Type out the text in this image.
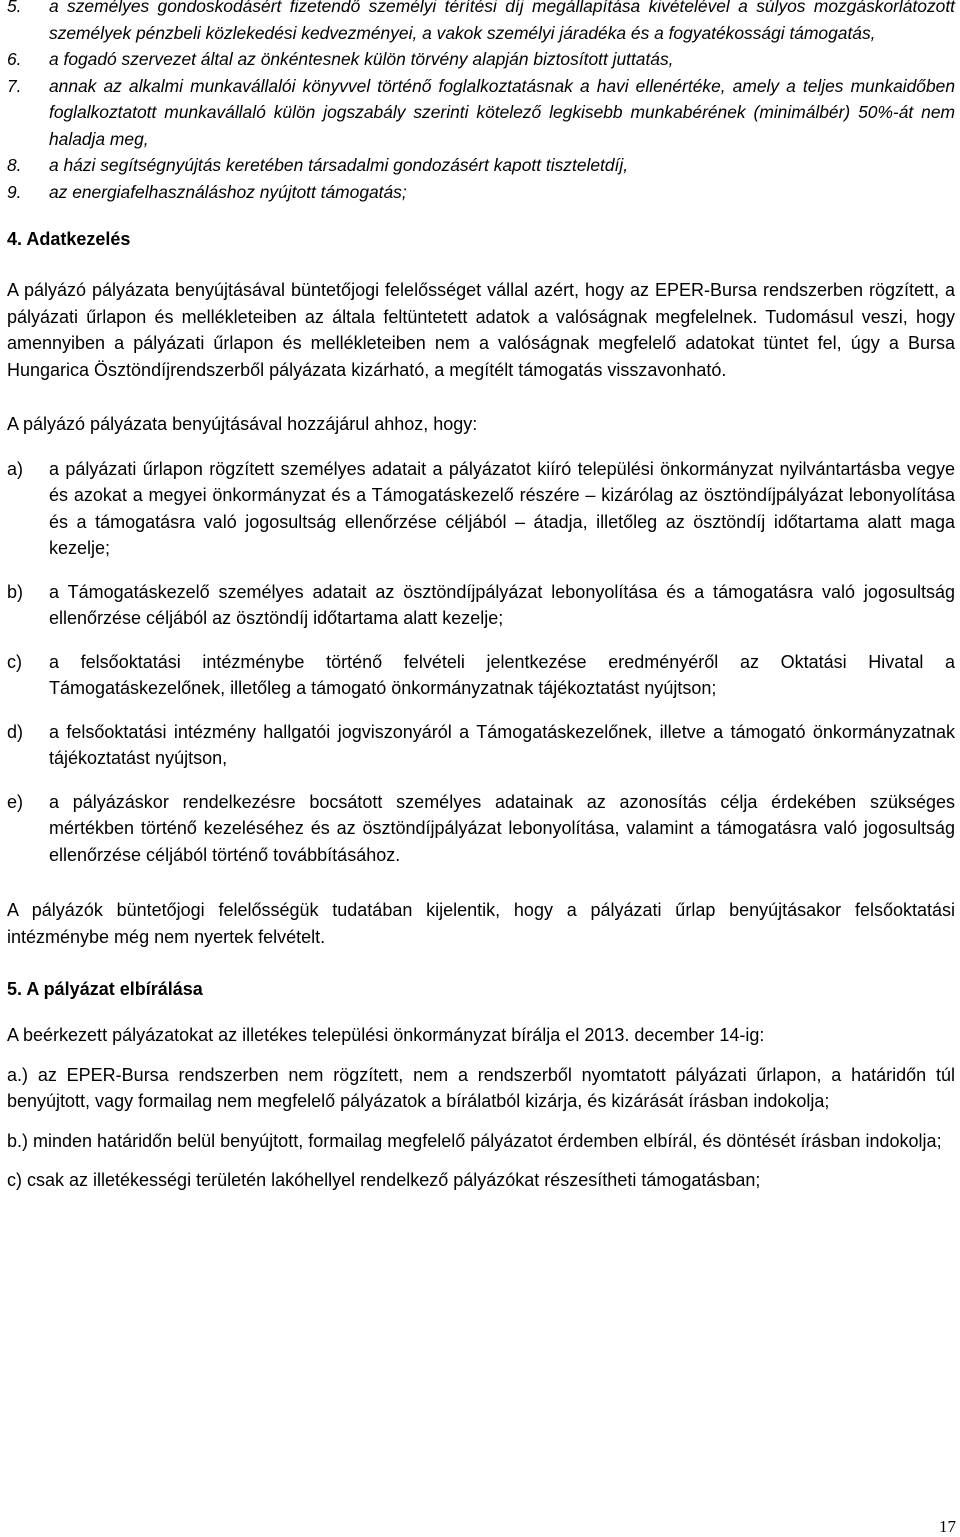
5. a személyes gondoskodásért fizetendő személyi térítési díj megállapítása kivételével a súlyos mozgáskorlátozott személyek pénzbeli közlekedési kedvezményei, a vakok személyi járadéka és a fogyatékossági támogatás,
6. a fogadó szervezet által az önkéntesnek külön törvény alapján biztosított juttatás,
7. annak az alkalmi munkavállalói könyvvel történő foglalkoztatásnak a havi ellenértéke, amely a teljes munkaidőben foglalkoztatott munkavállaló külön jogszabály szerinti kötelező legkisebb munkabérének (minimálbér) 50%-át nem haladja meg,
8. a házi segítségnyújtás keretében társadalmi gondozásért kapott tiszteletdíj,
9. az energiafelhasználáshoz nyújtott támogatás;
4. Adatkezelés
A pályázó pályázata benyújtásával büntetőjogi felelősséget vállal azért, hogy az EPER-Bursa rendszerben rögzített, a pályázati űrlapon és mellékleteiben az általa feltüntetett adatok a valóságnak megfelelnek. Tudomásul veszi, hogy amennyiben a pályázati űrlapon és mellékleteiben nem a valóságnak megfelelő adatokat tüntet fel, úgy a Bursa Hungarica Ösztöndíjrendszerből pályázata kizárható, a megítélt támogatás visszavonható.
A pályázó pályázata benyújtásával hozzájárul ahhoz, hogy:
a) a pályázati űrlapon rögzített személyes adatait a pályázatot kiíró települési önkormányzat nyilvántartásba vegye és azokat a megyei önkormányzat és a Támogatáskezelő részére – kizárólag az ösztöndíjpályázat lebonyolítása és a támogatásra való jogosultság ellenőrzése céljából – átadja, illetőleg az ösztöndíj időtartama alatt maga kezelje;
b) a Támogatáskezelő személyes adatait az ösztöndíjpályázat lebonyolítása és a támogatásra való jogosultság ellenőrzése céljából az ösztöndíj időtartama alatt kezelje;
c) a felsőoktatási intézménybe történő felvételi jelentkezése eredményéről az Oktatási Hivatal a Támogatáskezelőnek, illetőleg a támogató önkormányzatnak tájékoztatást nyújtson;
d) a felsőoktatási intézmény hallgatói jogviszonyáról a Támogatáskezelőnek, illetve a támogató önkormányzatnak tájékoztatást nyújtson,
e) a pályázáskor rendelkezésre bocsátott személyes adatainak az azonosítás célja érdekében szükséges mértékben történő kezeléséhez és az ösztöndíjpályázat lebonyolítása, valamint a támogatásra való jogosultság ellenőrzése céljából történő továbbításához.
A pályázók büntetőjogi felelősségük tudatában kijelentik, hogy a pályázati űrlap benyújtásakor felsőoktatási intézménybe még nem nyertek felvételt.
5. A pályázat elbírálása
A beérkezett pályázatokat az illetékes települési önkormányzat bírálja el 2013. december 14-ig:
a.) az EPER-Bursa rendszerben nem rögzített, nem a rendszerből nyomtatott pályázati űrlapon, a határidőn túl benyújtott, vagy formailag nem megfelelő pályázatok a bírálatból kizárja, és kizárását írásban indokolja;
b.) minden határidőn belül benyújtott, formailag megfelelő pályázatot érdemben elbírál, és döntését írásban indokolja;
c) csak az illetékességi területén lakóhellyel rendelkező pályázókat részesítheti támogatásban;
17
